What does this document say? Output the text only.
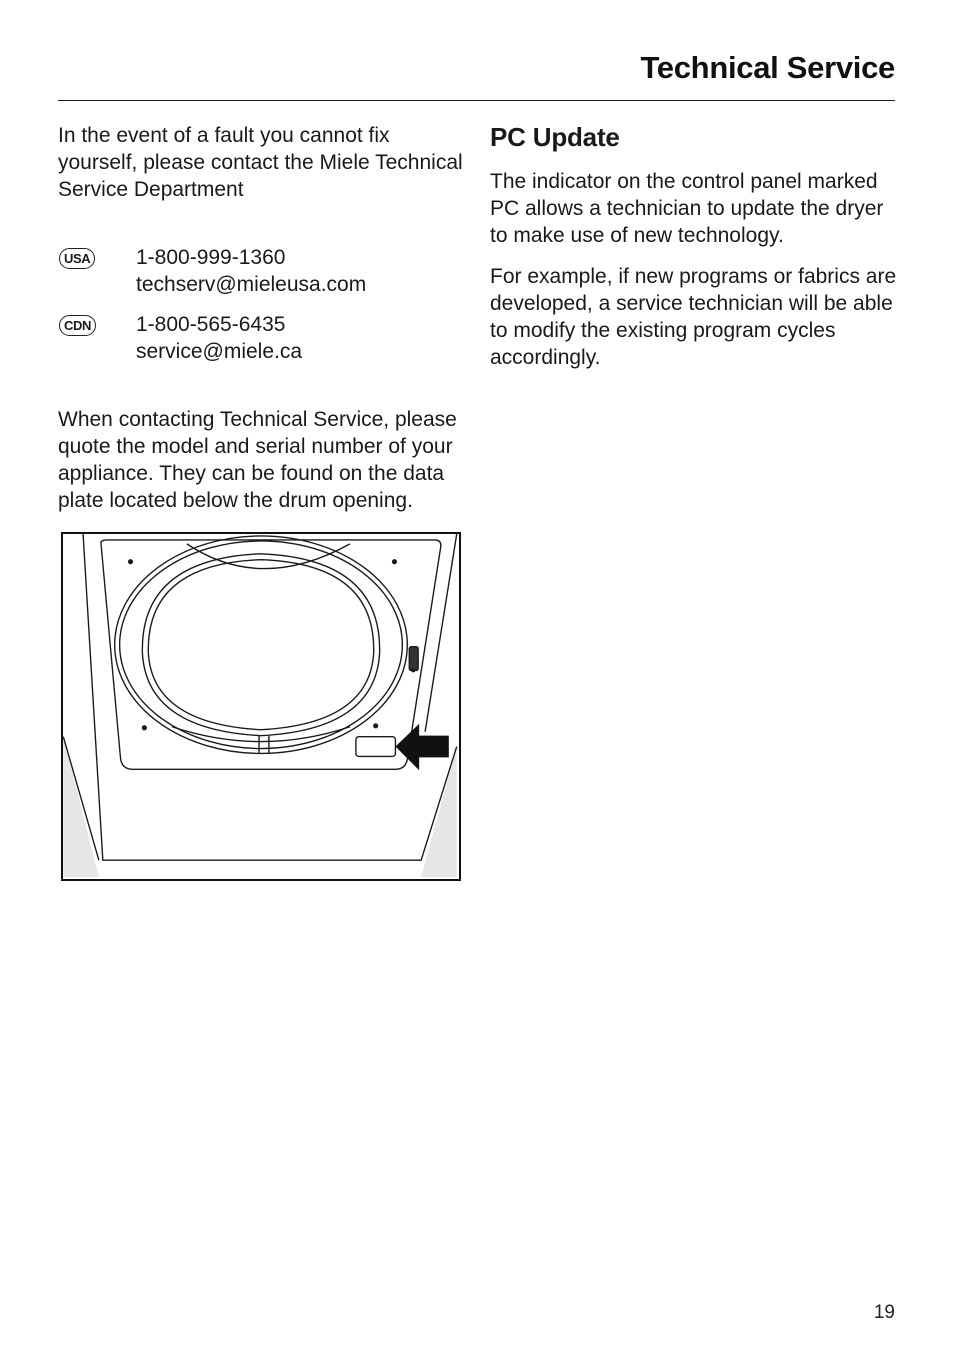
Technical Service

In the event of a fault you cannot fix yourself, please contact the Miele Technical Service Department

USA 1-800-999-1360
techserv@mieleusa.com
CDN 1-800-565-6435
service@miele.ca

When contacting Technical Service, please quote the model and serial number of your appliance. They can be found on the data plate located below the drum opening.

PC Update

The indicator on the control panel marked PC allows a technician to update the dryer to make use of new technology.

For example, if new programs or fabrics are developed, a service technician will be able to modify the existing program cycles accordingly.

19
